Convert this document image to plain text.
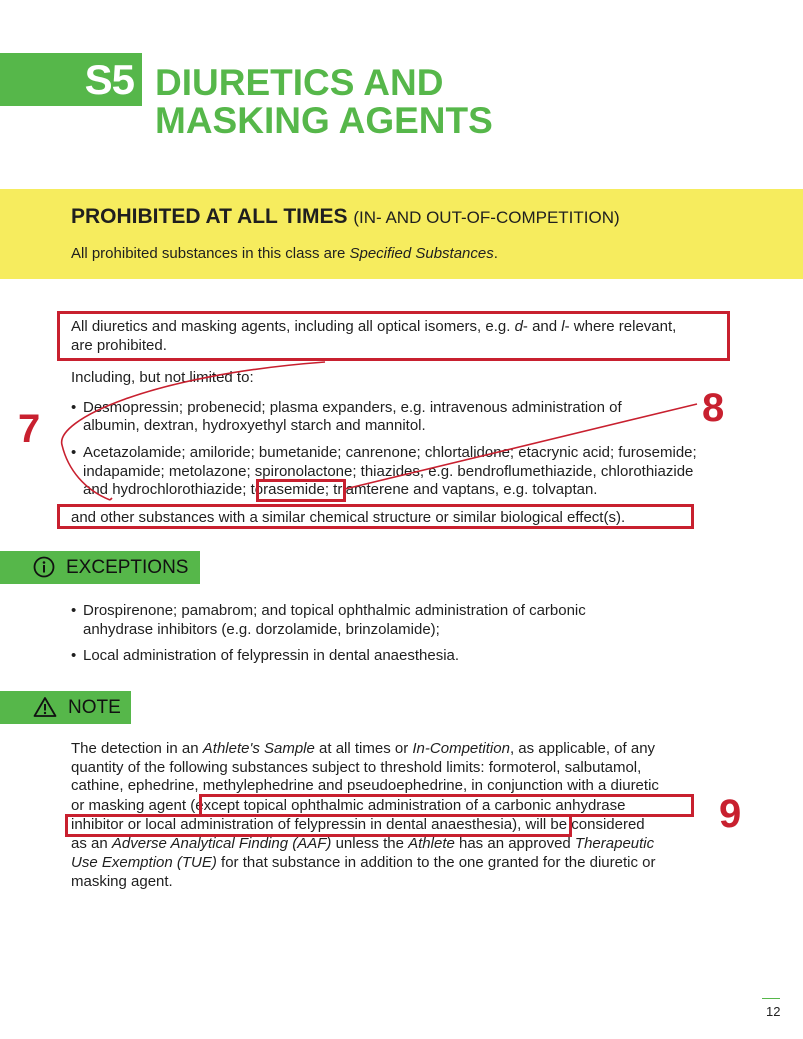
S5 DIURETICS AND
MASKING AGENTS
PROHIBITED AT ALL TIMES (IN- AND OUT-OF-COMPETITION)
All prohibited substances in this class are Specified Substances.
All diuretics and masking agents, including all optical isomers, e.g. d- and l- where relevant,
are prohibited.
Including, but not limited to:
• Desmopressin; probenecid; plasma expanders, e.g. intravenous administration of
albumin, dextran, hydroxyethyl starch and mannitol.
• Acetazolamide; amiloride; bumetanide; canrenone; chlortalidone; etacrynic acid; furosemide;
indapamide; metolazone; spironolactone; thiazides, e.g. bendroflumethiazide, chlorothiazide
and hydrochlorothiazide; torasemide; triamterene and vaptans, e.g. tolvaptan.
and other substances with a similar chemical structure or similar biological effect(s).
EXCEPTIONS
• Drospirenone; pamabrom; and topical ophthalmic administration of carbonic
anhydrase inhibitors (e.g. dorzolamide, brinzolamide);
• Local administration of felypressin in dental anaesthesia.
NOTE
The detection in an Athlete's Sample at all times or In-Competition, as applicable, of any
quantity of the following substances subject to threshold limits: formoterol, salbutamol,
cathine, ephedrine, methylephedrine and pseudoephedrine, in conjunction with a diuretic
or masking agent (except topical ophthalmic administration of a carbonic anhydrase
inhibitor or local administration of felypressin in dental anaesthesia), will be considered
as an Adverse Analytical Finding (AAF) unless the Athlete has an approved Therapeutic
Use Exemption (TUE) for that substance in addition to the one granted for the diuretic or
masking agent.
7	8
9
12
